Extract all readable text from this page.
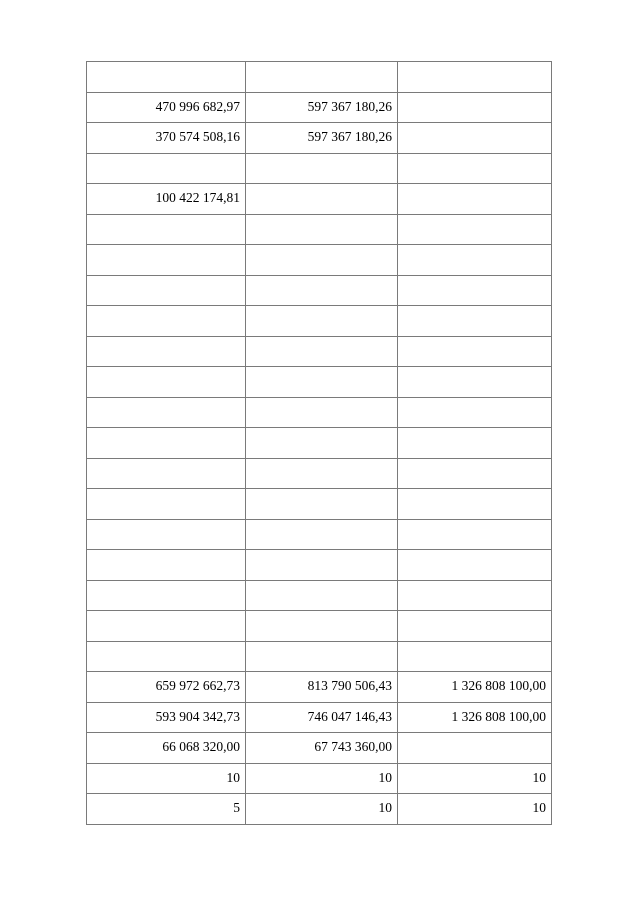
470 996 682,97	597 367 180,26	
370 574 508,16	597 367 180,26	

100 422 174,81		

659 972 662,73	813 790 506,43	1 326 808 100,00
593 904 342,73	746 047 146,43	1 326 808 100,00
66 068 320,00	67 743 360,00	
10	10	10
5	10	10
